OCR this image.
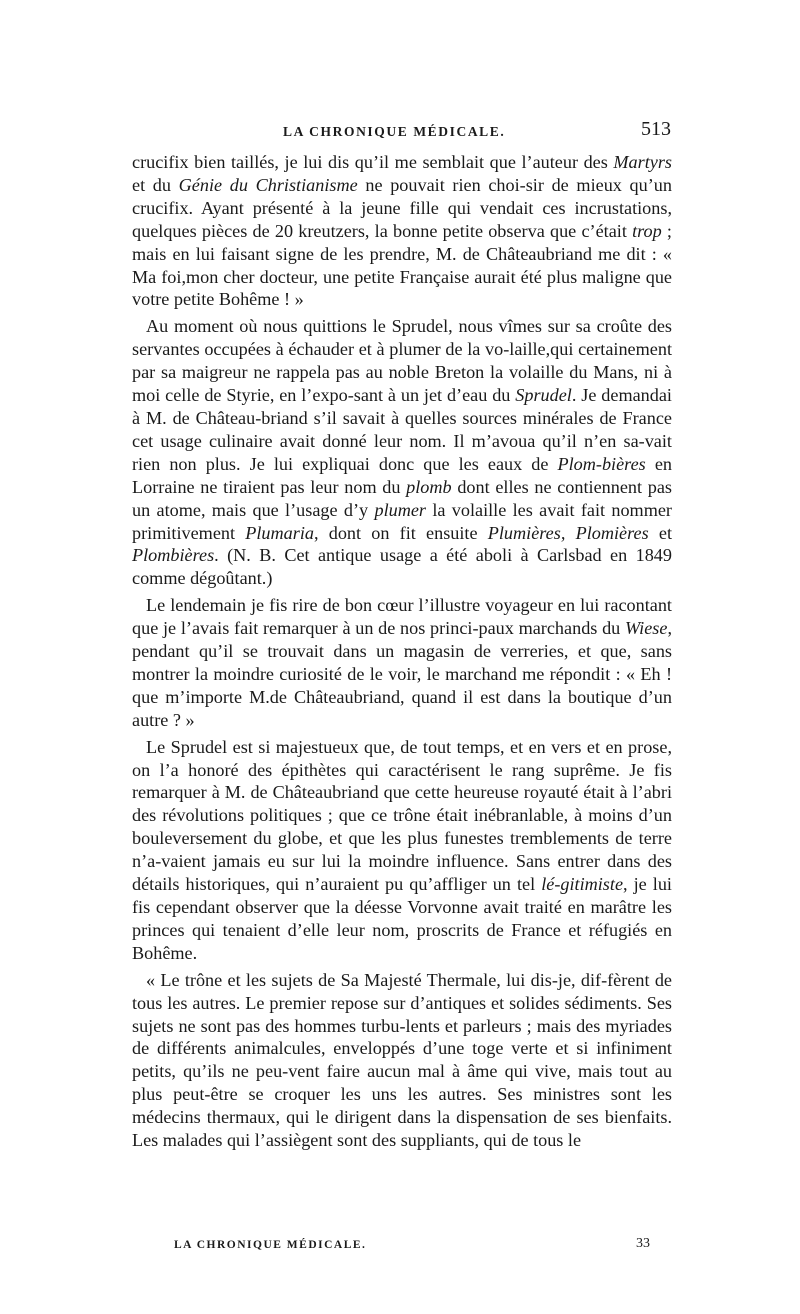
LA CHRONIQUE MÉDICALE.	513

crucifix bien taillés, je lui dis qu’il me semblait que l’auteur des Martyrs et du Génie du Christianisme ne pouvait rien choi-sir de mieux qu’un crucifix. Ayant présenté à la jeune fille qui vendait ces incrustations, quelques pièces de 20 kreutzers, la bonne petite observa que c’était trop ; mais en lui faisant signe de les prendre, M. de Châteaubriand me dit : « Ma foi,mon cher docteur, une petite Française aurait été plus maligne que votre petite Bohême ! »

Au moment où nous quittions le Sprudel, nous vîmes sur sa croûte des servantes occupées à échauder et à plumer de la vo-laille,qui certainement par sa maigreur ne rappela pas au noble Breton la volaille du Mans, ni à moi celle de Styrie, en l’expo-sant à un jet d’eau du Sprudel. Je demandai à M. de Château-briand s’il savait à quelles sources minérales de France cet usage culinaire avait donné leur nom. Il m’avoua qu’il n’en sa-vait rien non plus. Je lui expliquai donc que les eaux de Plom-bières en Lorraine ne tiraient pas leur nom du plomb dont elles ne contiennent pas un atome, mais que l’usage d’y plumer la volaille les avait fait nommer primitivement Plumaria, dont on fit ensuite Plumières, Plomières et Plombières. (N. B. Cet antique usage a été aboli à Carlsbad en 1849 comme dégoûtant.)

Le lendemain je fis rire de bon cœur l’illustre voyageur en lui racontant que je l’avais fait remarquer à un de nos princi-paux marchands du Wiese, pendant qu’il se trouvait dans un magasin de verreries, et que, sans montrer la moindre curiosité de le voir, le marchand me répondit : « Eh ! que m’importe M.de Châteaubriand, quand il est dans la boutique d’un autre ? »

Le Sprudel est si majestueux que, de tout temps, et en vers et en prose, on l’a honoré des épithètes qui caractérisent le rang suprême. Je fis remarquer à M. de Châteaubriand que cette heureuse royauté était à l’abri des révolutions politiques ; que ce trône était inébranlable, à moins d’un bouleversement du globe, et que les plus funestes tremblements de terre n’a-vaient jamais eu sur lui la moindre influence. Sans entrer dans des détails historiques, qui n’auraient pu qu’affliger un tel lé-gitimiste, je lui fis cependant observer que la déesse Vorvonne avait traité en marâtre les princes qui tenaient d’elle leur nom, proscrits de France et réfugiés en Bohême.

« Le trône et les sujets de Sa Majesté Thermale, lui dis-je, dif-fèrent de tous les autres. Le premier repose sur d’antiques et solides sédiments. Ses sujets ne sont pas des hommes turbu-lents et parleurs ; mais des myriades de différents animalcules, enveloppés d’une toge verte et si infiniment petits, qu’ils ne peu-vent faire aucun mal à âme qui vive, mais tout au plus peut-être se croquer les uns les autres. Ses ministres sont les médecins thermaux, qui le dirigent dans la dispensation de ses bienfaits. Les malades qui l’assiègent sont des suppliants, qui de tous le

LA CHRONIQUE MÉDICALE.	33
